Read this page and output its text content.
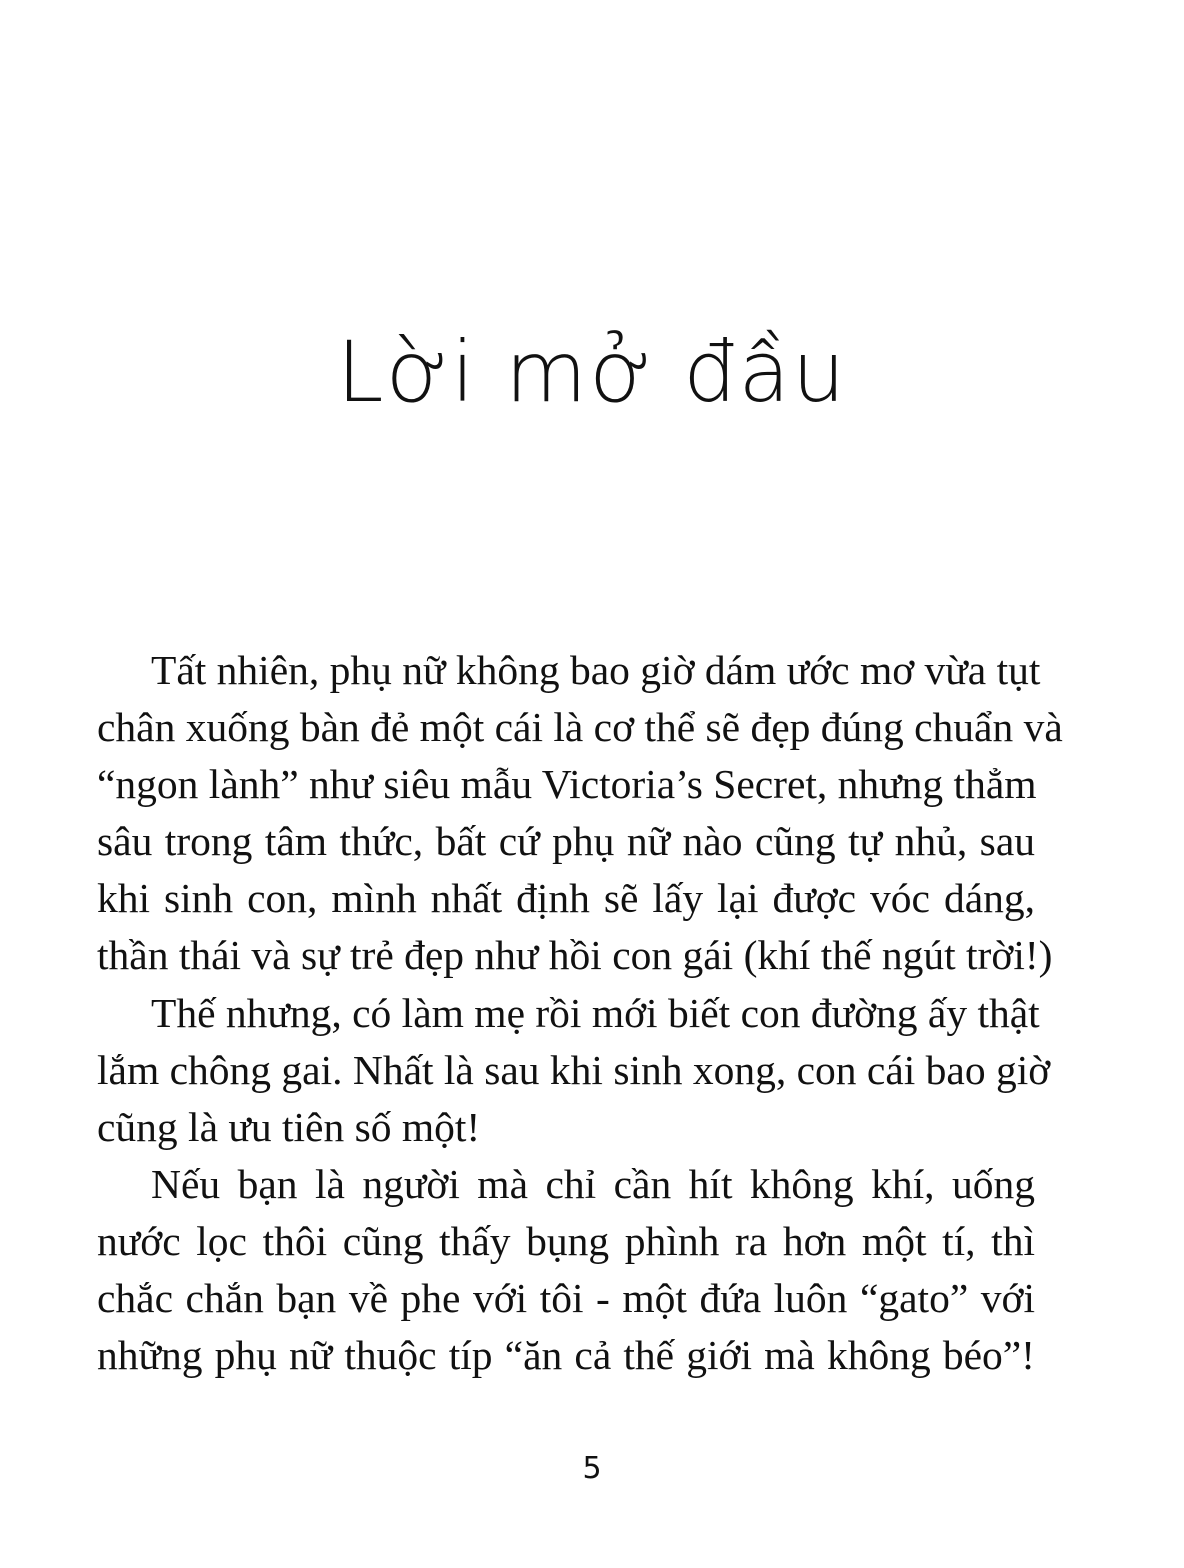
Lời mở đầu
Tất nhiên, phụ nữ không bao giờ dám ước mơ vừa tụt
chân xuống bàn đẻ một cái là cơ thể sẽ đẹp đúng chuẩn và
“ngon lành” như siêu mẫu Victoria’s Secret, nhưng thẳm
sâu trong tâm thức, bất cứ phụ nữ nào cũng tự nhủ, sau
khi sinh con, mình nhất định sẽ lấy lại được vóc dáng,
thần thái và sự trẻ đẹp như hồi con gái (khí thế ngút trời!)
Thế nhưng, có làm mẹ rồi mới biết con đường ấy thật
lắm chông gai. Nhất là sau khi sinh xong, con cái bao giờ
cũng là ưu tiên số một!
Nếu bạn là người mà chỉ cần hít không khí, uống
nước lọc thôi cũng thấy bụng phình ra hơn một tí, thì
chắc chắn bạn về phe với tôi - một đứa luôn “gato” với
những phụ nữ thuộc típ “ăn cả thế giới mà không béo”!
5
